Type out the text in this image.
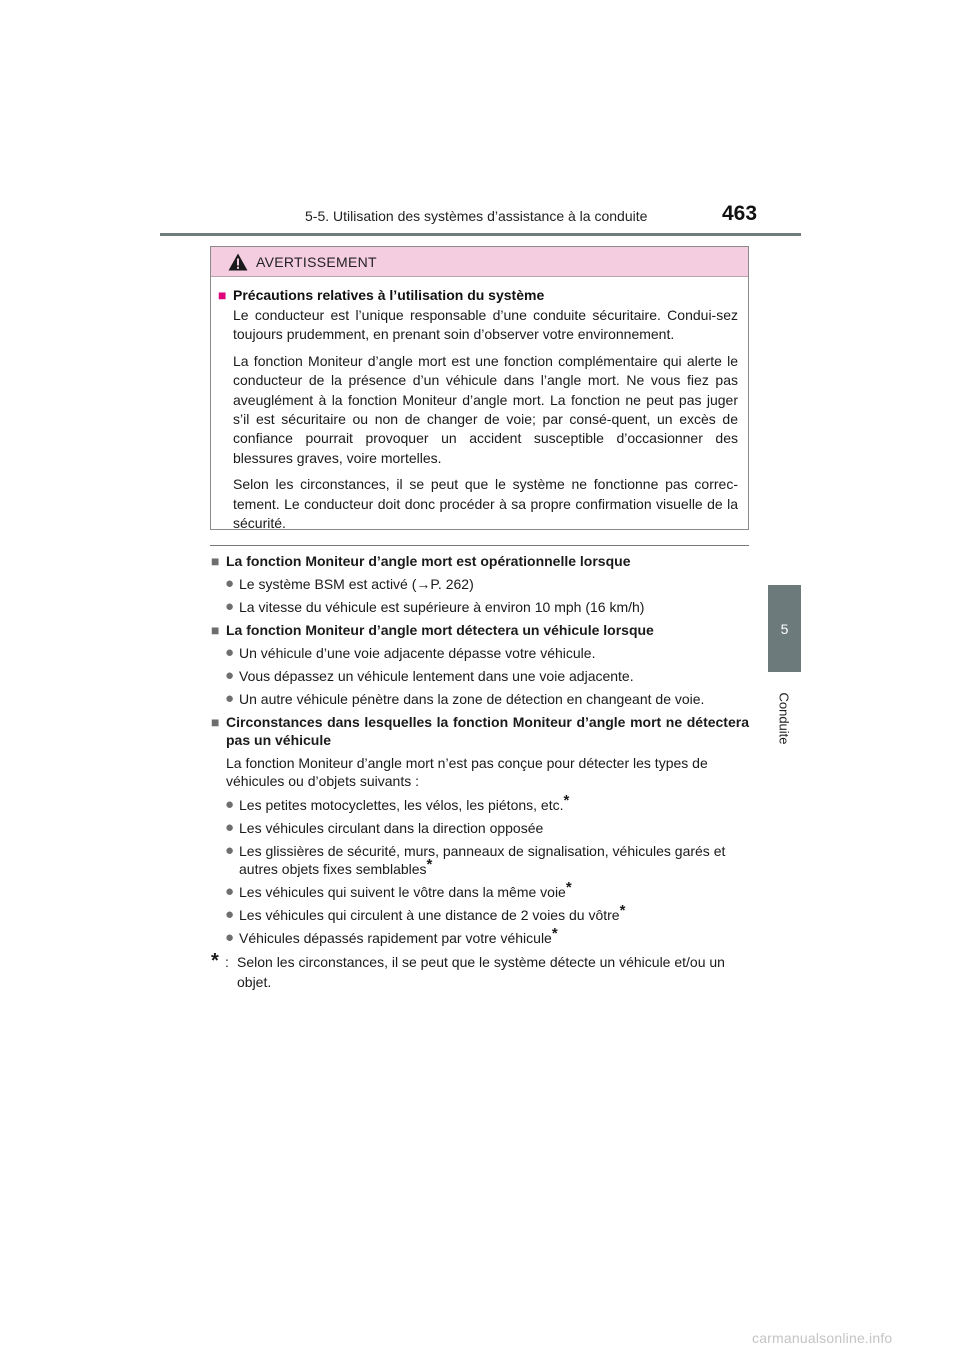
5-5. Utilisation des systèmes d’assistance à la conduite	463
5
Conduite
AVERTISSEMENT
■ Précautions relatives à l’utilisation du système
Le conducteur est l’unique responsable d’une conduite sécuritaire. Condui-sez toujours prudemment, en prenant soin d’observer votre environnement.
La fonction Moniteur d’angle mort est une fonction complémentaire qui alerte le conducteur de la présence d’un véhicule dans l’angle mort. Ne vous fiez pas aveuglément à la fonction Moniteur d’angle mort. La fonction ne peut pas juger s’il est sécuritaire ou non de changer de voie; par consé-quent, un excès de confiance pourrait provoquer un accident susceptible d’occasionner des blessures graves, voire mortelles.
Selon les circonstances, il se peut que le système ne fonctionne pas correc-tement. Le conducteur doit donc procéder à sa propre confirmation visuelle de la sécurité.
■ La fonction Moniteur d’angle mort est opérationnelle lorsque
● Le système BSM est activé (→P. 262)
● La vitesse du véhicule est supérieure à environ 10 mph (16 km/h)
■ La fonction Moniteur d’angle mort détectera un véhicule lorsque
● Un véhicule d’une voie adjacente dépasse votre véhicule.
● Vous dépassez un véhicule lentement dans une voie adjacente.
● Un autre véhicule pénètre dans la zone de détection en changeant de voie.
■ Circonstances dans lesquelles la fonction Moniteur d’angle mort ne détectera pas un véhicule
La fonction Moniteur d’angle mort n’est pas conçue pour détecter les types de véhicules ou d’objets suivants :
● Les petites motocyclettes, les vélos, les piétons, etc.*
● Les véhicules circulant dans la direction opposée
● Les glissières de sécurité, murs, panneaux de signalisation, véhicules garés et autres objets fixes semblables*
● Les véhicules qui suivent le vôtre dans la même voie*
● Les véhicules qui circulent à une distance de 2 voies du vôtre*
● Véhicules dépassés rapidement par votre véhicule*
* : Selon les circonstances, il se peut que le système détecte un véhicule et/ou un objet.
carmanualsonline.info
